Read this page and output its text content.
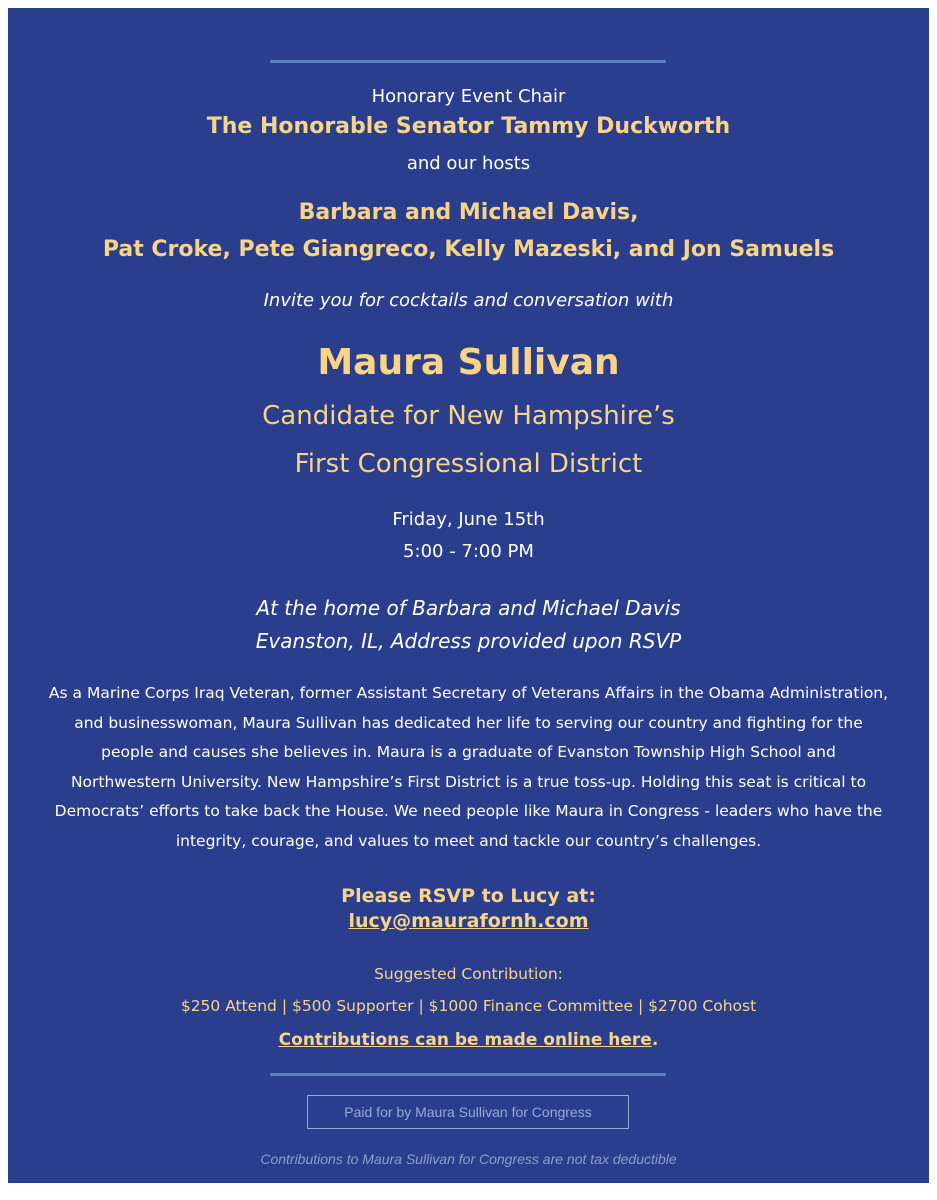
Honorary Event Chair
The Honorable Senator Tammy Duckworth
and our hosts
Barbara and Michael Davis,
Pat Croke, Pete Giangreco, Kelly Mazeski, and Jon Samuels
Invite you for cocktails and conversation with
Maura Sullivan
Candidate for New Hampshire’s
First Congressional District
Friday, June 15th
5:00 - 7:00 PM
At the home of Barbara and Michael Davis
Evanston, IL, Address provided upon RSVP
As a Marine Corps Iraq Veteran, former Assistant Secretary of Veterans Affairs in the Obama Administration,
and businesswoman, Maura Sullivan has dedicated her life to serving our country and fighting for the
people and causes she believes in. Maura is a graduate of Evanston Township High School and
Northwestern University. New Hampshire’s First District is a true toss-up. Holding this seat is critical to
Democrats’ efforts to take back the House. We need people like Maura in Congress - leaders who have the
integrity, courage, and values to meet and tackle our country’s challenges.
Please RSVP to Lucy at:
lucy@maurafornh.com
Suggested Contribution:
$250 Attend | $500 Supporter | $1000 Finance Committee | $2700 Cohost
Contributions can be made online here.
Paid for by Maura Sullivan for Congress
Contributions to Maura Sullivan for Congress are not tax deductible
